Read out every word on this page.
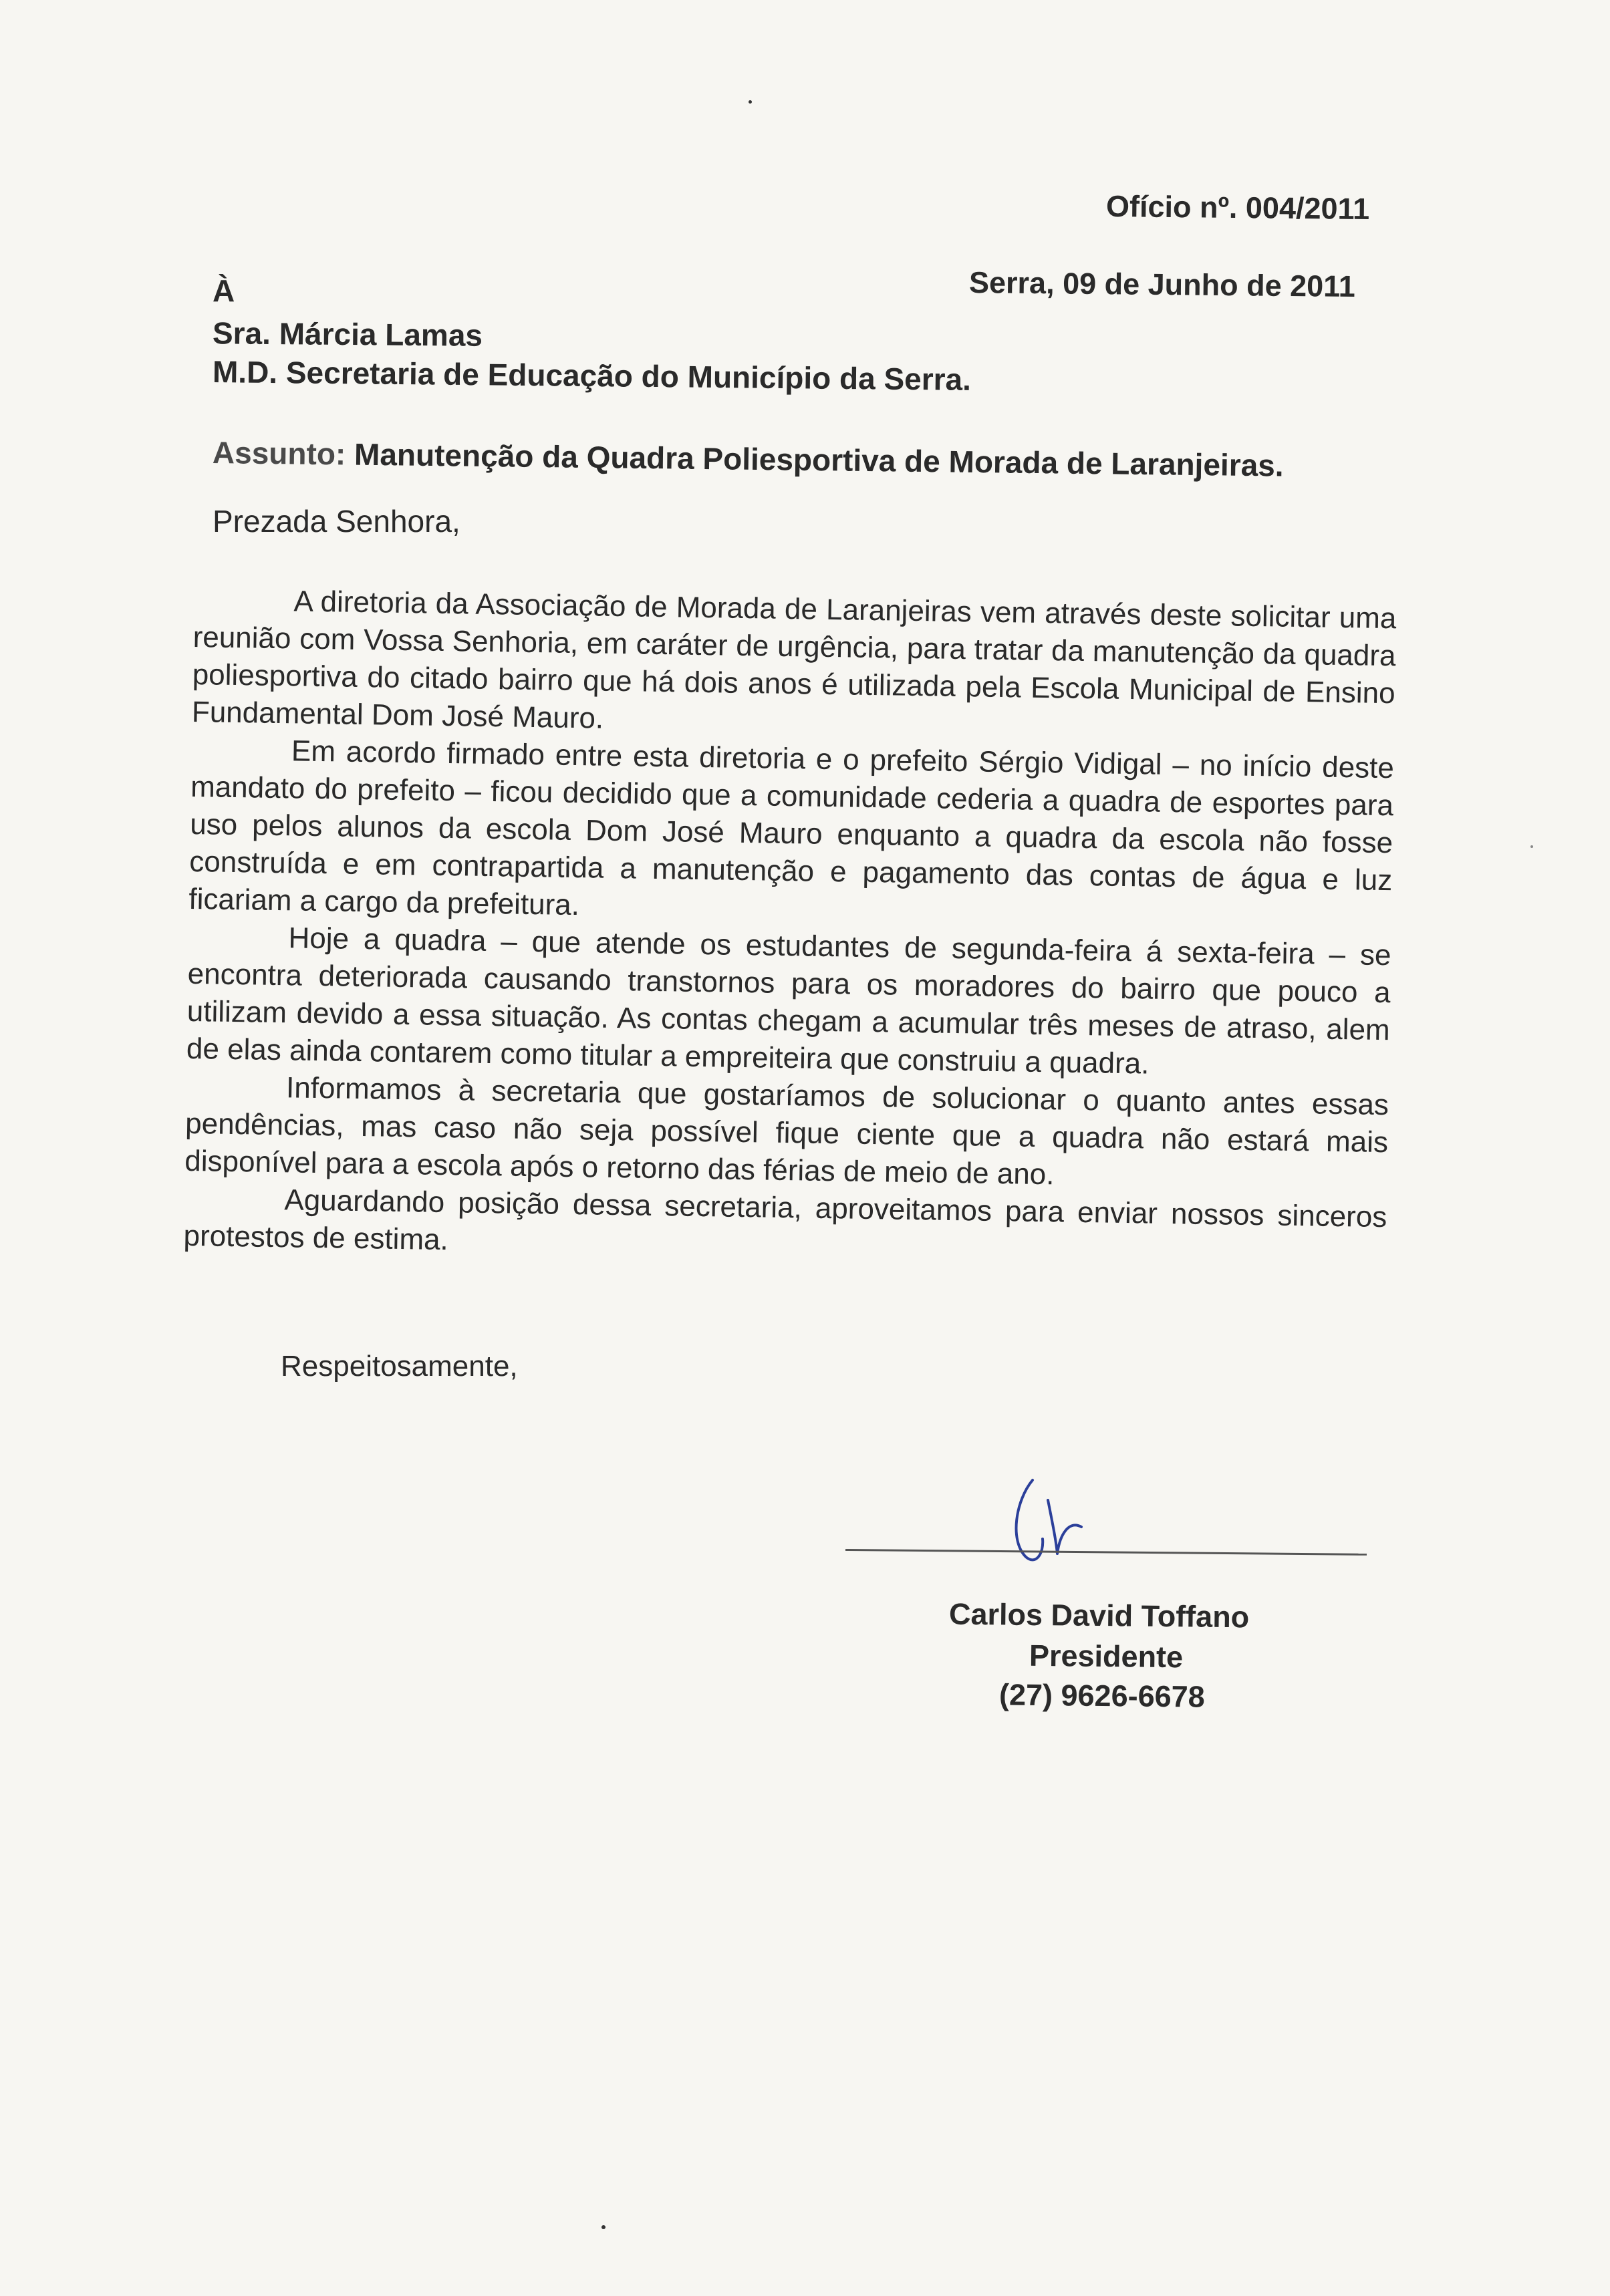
Ofício nº. 004/2011
Serra, 09 de Junho de 2011
À
Sra. Márcia Lamas
M.D. Secretaria de Educação do Município da Serra.
Assunto: Manutenção da Quadra Poliesportiva de Morada de Laranjeiras.
Prezada Senhora,

A diretoria da Associação de Morada de Laranjeiras vem através deste solicitar uma reunião com Vossa Senhoria, em caráter de urgência, para tratar da manutenção da quadra poliesportiva do citado bairro que há dois anos é utilizada pela Escola Municipal de Ensino Fundamental Dom José Mauro.

Em acordo firmado entre esta diretoria e o prefeito Sérgio Vidigal – no início deste mandato do prefeito – ficou decidido que a comunidade cederia a quadra de esportes para uso pelos alunos da escola Dom José Mauro enquanto a quadra da escola não fosse construída e em contrapartida a manutenção e pagamento das contas de água e luz ficariam a cargo da prefeitura.

Hoje a quadra – que atende os estudantes de segunda-feira á sexta-feira – se encontra deteriorada causando transtornos para os moradores do bairro que pouco a utilizam devido a essa situação. As contas chegam a acumular três meses de atraso, alem de elas ainda contarem como titular a empreiteira que construiu a quadra.

Informamos à secretaria que gostaríamos de solucionar o quanto antes essas pendências, mas caso não seja possível fique ciente que a quadra não estará mais disponível para a escola após o retorno das férias de meio de ano.

Aguardando posição dessa secretaria, aproveitamos para enviar nossos sinceros protestos de estima.

Respeitosamente,
Carlos David Toffano
Presidente
(27) 9626-6678
